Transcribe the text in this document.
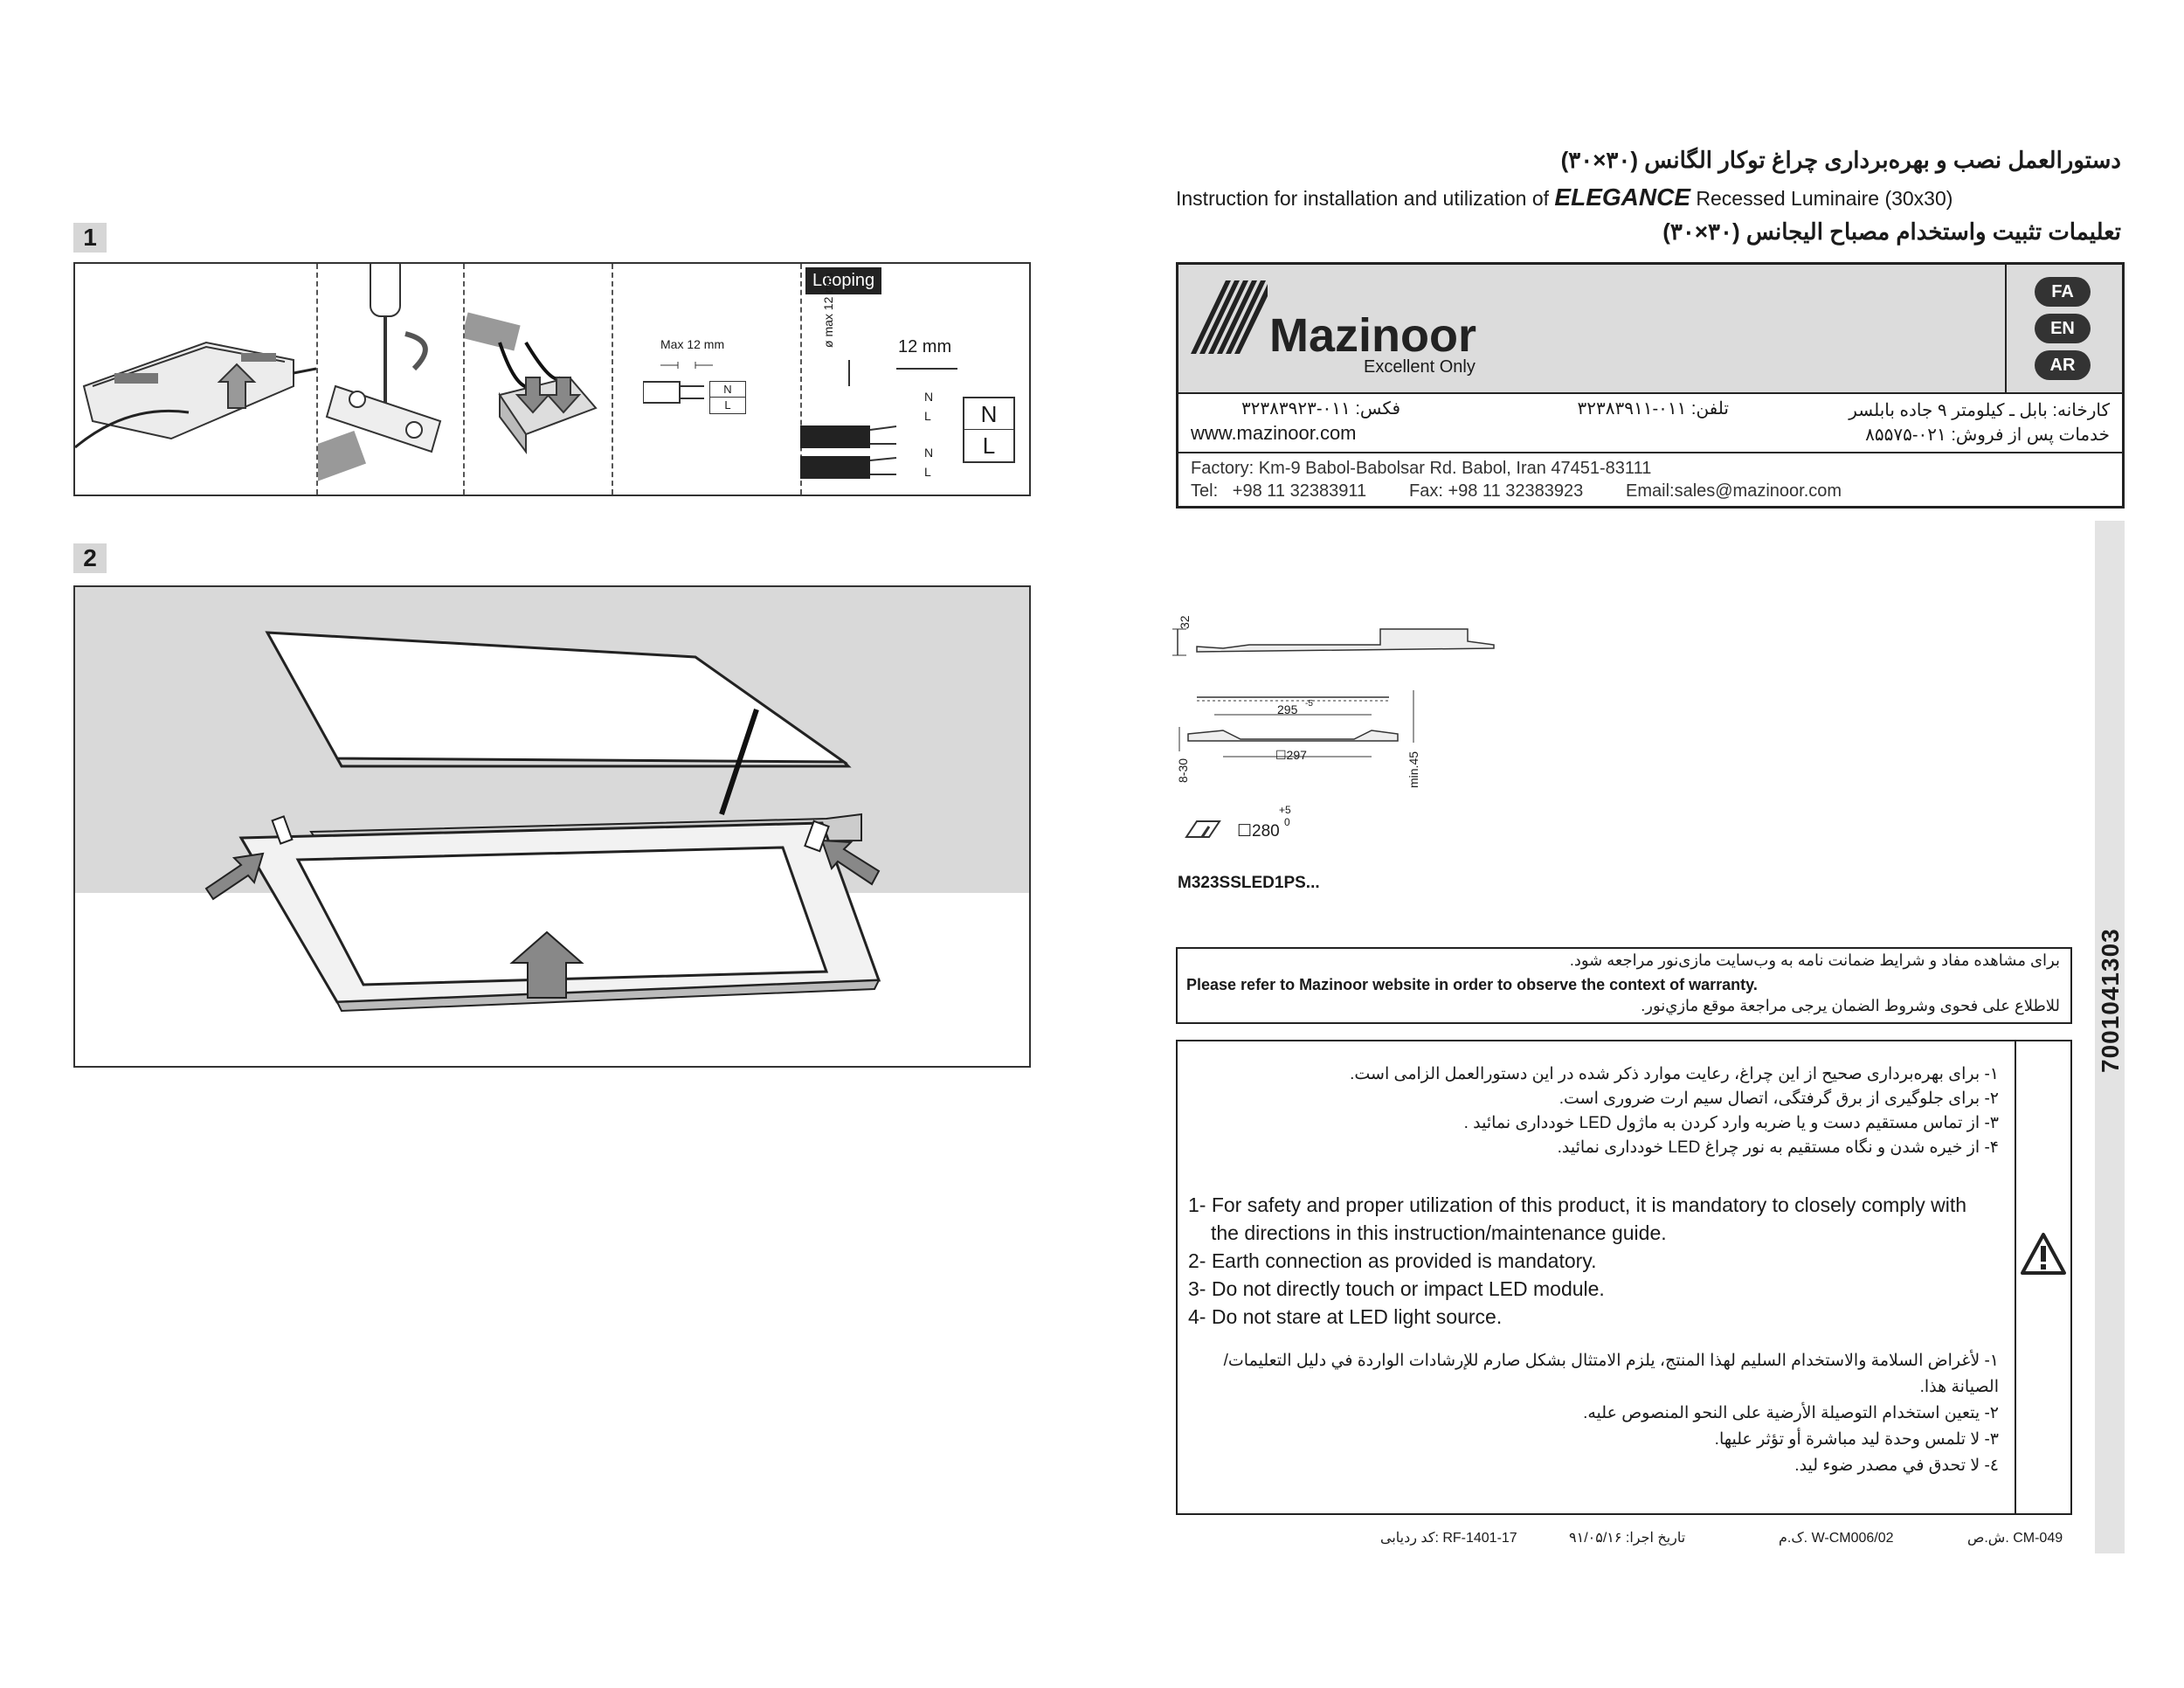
1
Max 12 mm
N
L
Looping
ø max 12 mm	12 mm
N
L
N
L
N
L
2
دستورالعمل نصب و بهره‌برداری چراغ توکار الگانس (۳۰×۳۰)
Instruction for installation and utilization of ELEGANCE Recessed Luminaire (30x30)
تعليمات تثبيت واستخدام مصباح اليجانس (۳۰×۳۰)
Mazinoor
Excellent Only
FA
EN
AR
فکس: ۰۱۱-۳۲۳۸۳۹۲۳	تلفن: ۰۱۱-۳۲۳۸۳۹۱۱	کارخانه: بابل ـ کیلومتر ۹ جاده بابلسر
www.mazinoor.com	خدمات پس از فروش: ۰۲۱-۸۵۵۷۵
Factory: Km-9 Babol-Babolsar Rd. Babol, Iran 47451-83111
Tel:   +98 11 32383911 Fax: +98 11 32383923 Email:sales@mazinoor.com
7001041303
32
295 -5
☐297
8-30	min.45
☐280
+5
0
M323SSLED1PS...
برای مشاهده مفاد و شرایط ضمانت نامه به وب‌سایت مازی‌نور مراجعه شود.
Please refer to Mazinoor website in order to observe the context of warranty.
للاطلاع على فحوى وشروط الضمان يرجى مراجعة موقع مازي‌نور.
۱- برای بهره‌برداری صحیح از این چراغ، رعایت موارد ذکر شده در این دستورالعمل الزامی است.
۲- برای جلوگیری از برق گرفتگی، اتصال سیم ارت ضروری است.
۳- از تماس مستقیم دست و یا ضربه وارد کردن به ماژول LED خودداری نمائید .
۴- از خیره شدن و نگاه مستقیم به نور چراغ LED خودداری نمائید.
1- For safety and proper utilization of this product, it is mandatory to closely comply with
the directions in this instruction/maintenance guide.
2- Earth connection as provided is mandatory.
3- Do not directly touch or impact LED module.
4- Do not stare at LED light source.
۱- لأغراض السلامة والاستخدام السليم لهذا المنتج، يلزم الامتثال بشكل صارم للإرشادات الواردة في دليل التعليمات/
الصيانة هذا.
۲- يتعين استخدام التوصيلة الأرضية على النحو المنصوص عليه.
۳- لا تلمس وحدة ليد مباشرة أو تؤثر عليها.
٤- لا تحدق في مصدر ضوء ليد.
ش.ص. CM-049
ک.م. W-CM006/02
تاریخ اجرا: ۹۱/۰۵/۱۶
کد ردیابی: RF-1401-17
